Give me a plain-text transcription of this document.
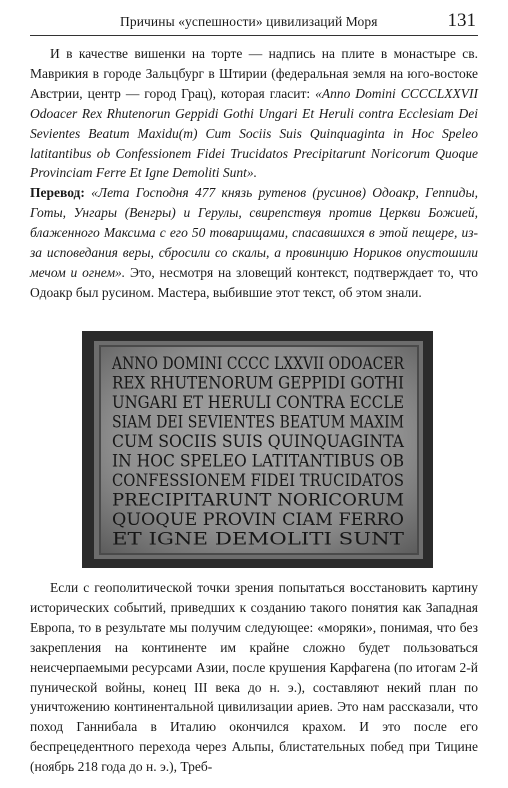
Причины «успешности» цивилизаций Моря	131

И в качестве вишенки на торте — надпись на плите в монастыре св. Маврикия в городе Зальцбург в Штирии (федеральная земля на юго-востоке Австрии, центр — город Грац), которая гласит: «Anno Domini CCCCLXXVII Odoacer Rex Rhutenorun Geppidi Gothi Ungari Et Heruli contra Ecclesiam Dei Sevientes Beatum Maxidu(m) Cum Sociis Suis Quinquaginta in Hoc Speleo latitantibus ob Confessionem Fidei Trucidatos Precipitarunt Noricorum Quoque Provinciam Ferre Et Igne Demoliti Sunt».

Перевод: «Лета Господня 477 князь рутенов (русинов) Одоакр, Геппиды, Готы, Унгары (Венгры) и Герулы, свирепствуя против Церкви Божией, блаженного Максима с его 50 товарищами, спасавшихся в этой пещере, из-за исповедания веры, сбросили со скалы, а провинцию Нориков опустошили мечом и огнем». Это, несмотря на зловещий контекст, подтверждает то, что Одоакр был русином. Мастера, выбившие этот текст, об этом знали.

ANNO DOMINI CCCC LXXVII ODOACER
REX RHUTENORUM GEPPIDI GOTHI
UNGARI ET HERULI CONTRA ECCLE
SIAM DEI SEVIENTES BEATUM MAXIM
CUM SOCIIS SUIS QUINQUAGINTA
IN HOC SPELEO LATITANTIBUS OB
CONFESSIONEM FIDEI TRUCIDATOS
PRECIPITARUNT NORICORUM
QUOQUE PROVIN CIAM FERRO
ET IGNE DEMOLITI SUNT

Если с геополитической точки зрения попытаться восстановить картину исторических событий, приведших к созданию такого понятия как Западная Европа, то в результате мы получим следующее: «моряки», понимая, что без закрепления на континенте им крайне сложно будет пользоваться неисчерпаемыми ресурсами Азии, после крушения Карфагена (по итогам 2-й пунической войны, конец III века до н. э.), составляют некий план по уничтожению континентальной цивилизации ариев. Это нам рассказали, что поход Ганнибала в Италию окончился крахом. И это после его беспрецедентного перехода через Альпы, блистательных побед при Тицине (ноябрь 218 года до н. э.), Треб-
